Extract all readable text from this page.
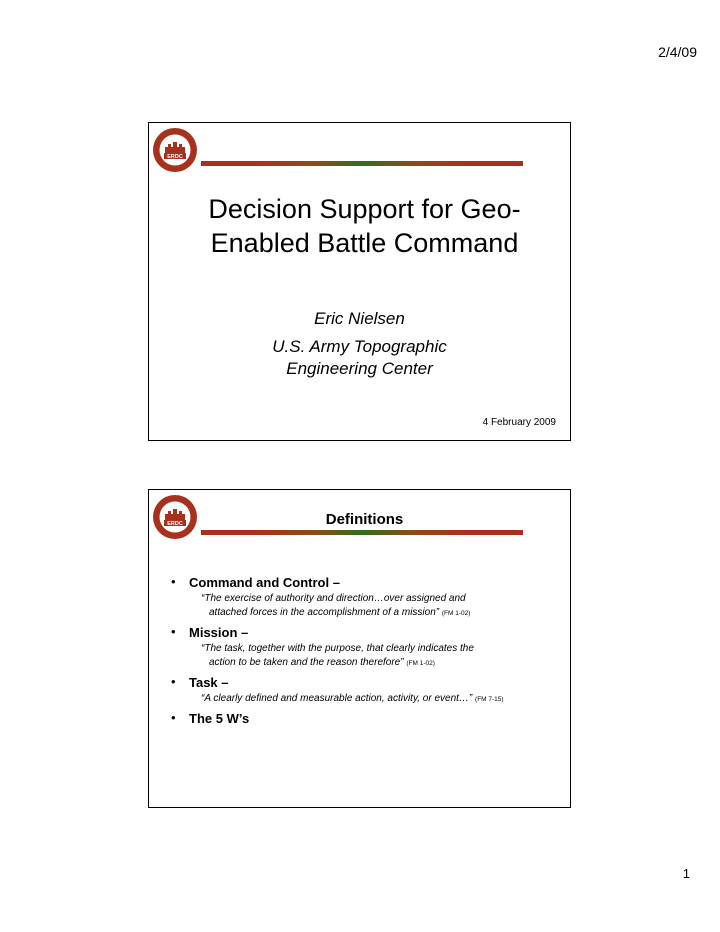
2/4/09
ERDC
Decision Support for Geo-
Enabled Battle Command
Eric Nielsen
U.S. Army Topographic
Engineering Center
4 February 2009
ERDC	Definitions
• Command and Control –
“The exercise of authority and direction…over assigned and
attached forces in the accomplishment of a mission” (FM 1-02)
• Mission –
“The task, together with the purpose, that clearly indicates the
action to be taken and the reason therefore” (FM 1-02)
• Task –
“A clearly defined and measurable action, activity, or event…” (FM 7-15)
• The 5 W’s
1
